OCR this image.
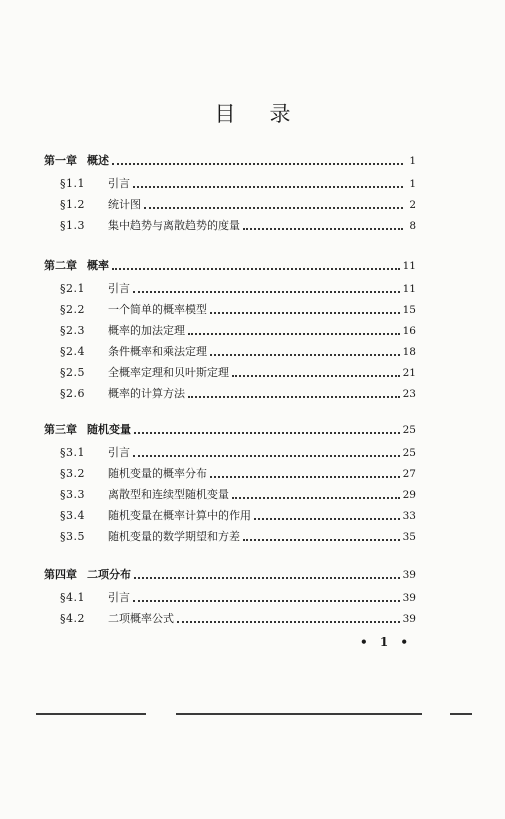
目 录
第一章 概述	1
§1.1	引言	1
§1.2	统计图	2
§1.3	集中趋势与离散趋势的度量	8
第二章 概率	11
§2.1	引言	11
§2.2	一个简单的概率模型	15
§2.3	概率的加法定理	16
§2.4	条件概率和乘法定理	18
§2.5	全概率定理和贝叶斯定理	21
§2.6	概率的计算方法	23
第三章 随机变量	25
§3.1	引言	25
§3.2	随机变量的概率分布	27
§3.3	离散型和连续型随机变量	29
§3.4	随机变量在概率计算中的作用	33
§3.5	随机变量的数学期望和方差	35
第四章 二项分布	39
§4.1	引言	39
§4.2	二项概率公式	39
• 1 •
